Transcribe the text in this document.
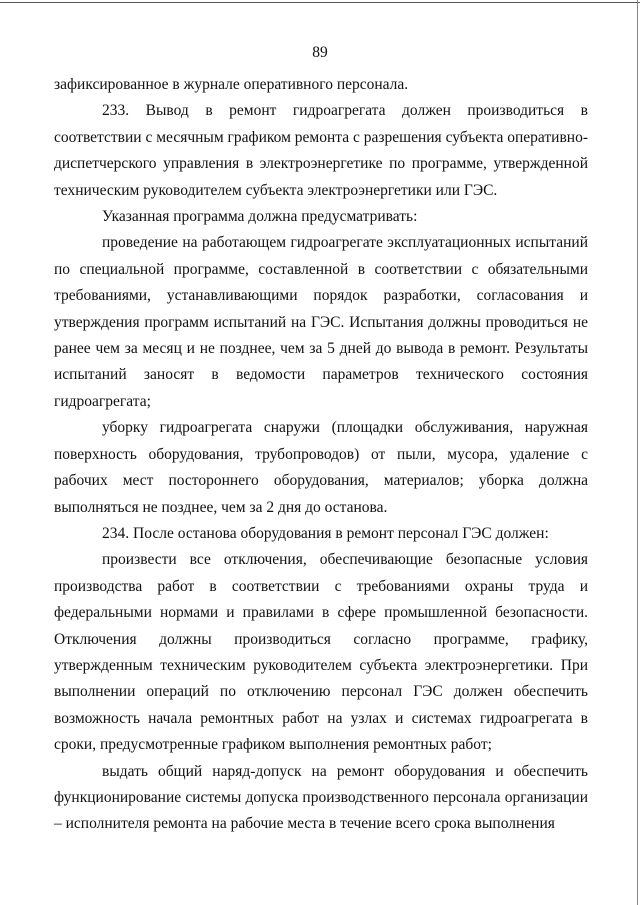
89

зафиксированное в журнале оперативного персонала.

233. Вывод в ремонт гидроагрегата должен производиться в соответствии с месячным графиком ремонта с разрешения субъекта оперативно-диспетчерского управления в электроэнергетике по программе, утвержденной техническим руководителем субъекта электроэнергетики или ГЭС.

Указанная программа должна предусматривать:

проведение на работающем гидроагрегате эксплуатационных испытаний по специальной программе, составленной в соответствии с обязательными требованиями, устанавливающими порядок разработки, согласования и утверждения программ испытаний на ГЭС. Испытания должны проводиться не ранее чем за месяц и не позднее, чем за 5 дней до вывода в ремонт. Результаты испытаний заносят в ведомости параметров технического состояния гидроагрегата;

уборку гидроагрегата снаружи (площадки обслуживания, наружная поверхность оборудования, трубопроводов) от пыли, мусора, удаление с рабочих мест постороннего оборудования, материалов; уборка должна выполняться не позднее, чем за 2 дня до останова.

234. После останова оборудования в ремонт персонал ГЭС должен:

произвести все отключения, обеспечивающие безопасные условия производства работ в соответствии с требованиями охраны труда и федеральными нормами и правилами в сфере промышленной безопасности. Отключения должны производиться согласно программе, графику, утвержденным техническим руководителем субъекта электроэнергетики. При выполнении операций по отключению персонал ГЭС должен обеспечить возможность начала ремонтных работ на узлах и системах гидроагрегата в сроки, предусмотренные графиком выполнения ремонтных работ;

выдать общий наряд-допуск на ремонт оборудования и обеспечить функционирование системы допуска производственного персонала организации – исполнителя ремонта на рабочие места в течение всего срока выполнения
